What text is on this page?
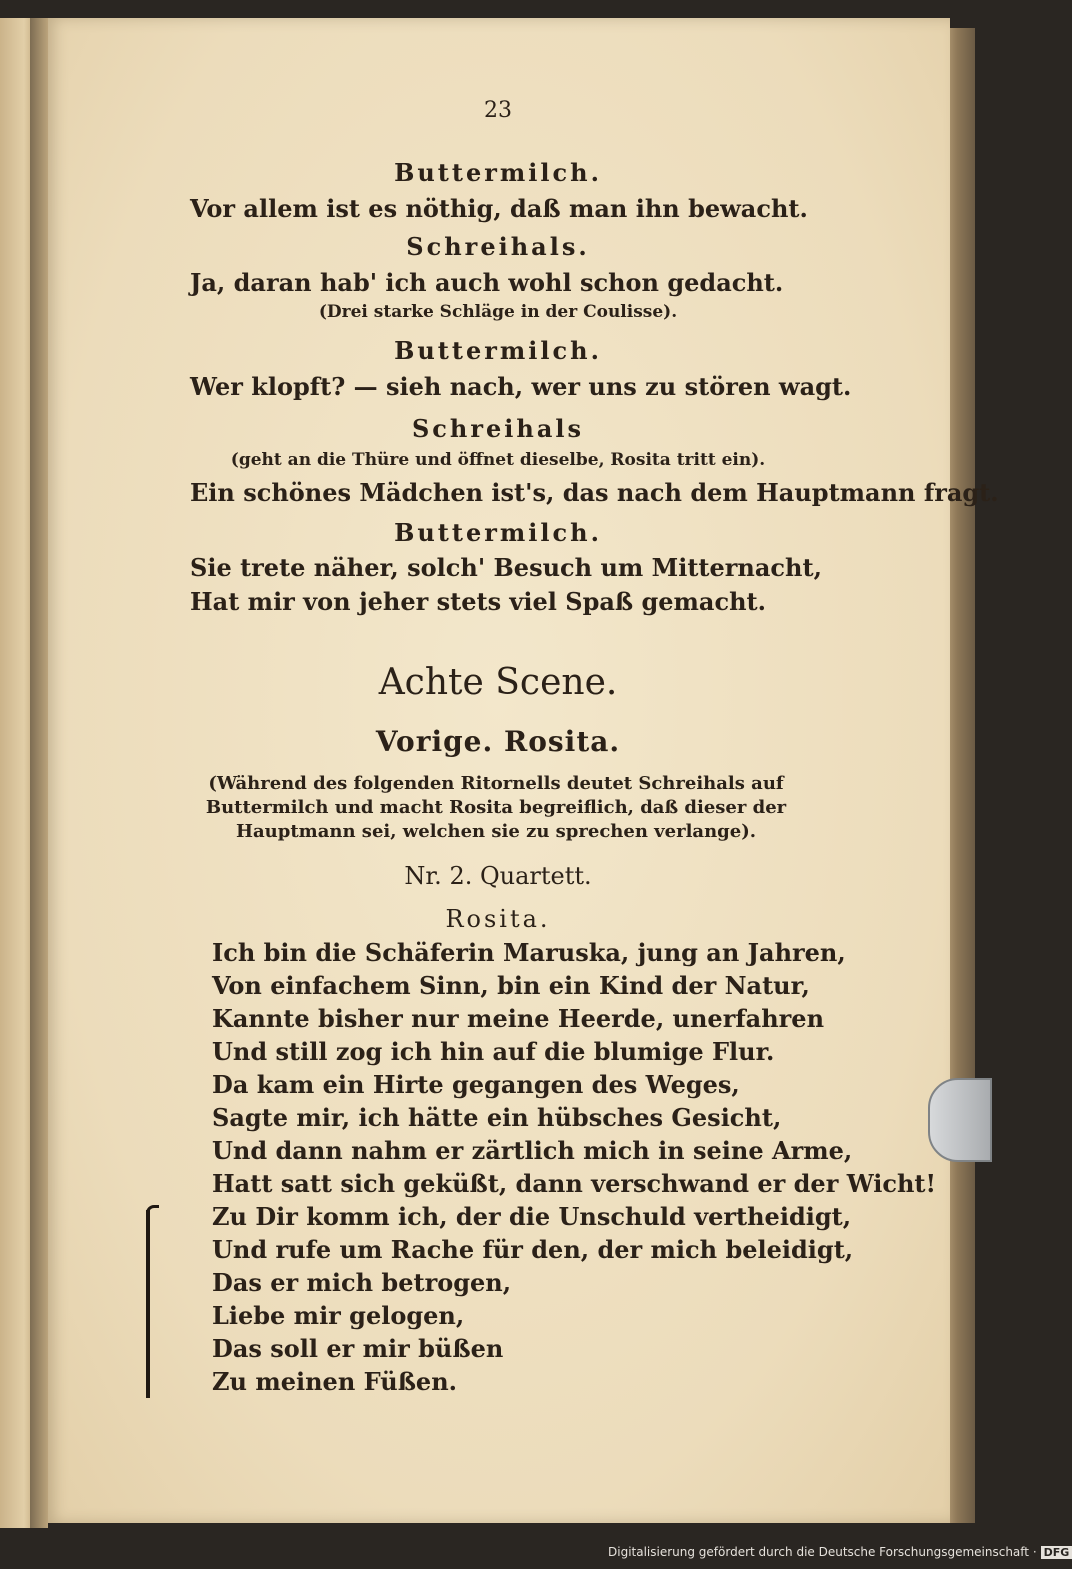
23
Buttermilch.
Vor allem ist es nöthig, daß man ihn bewacht.
Schreihals.
Ja, daran hab' ich auch wohl schon gedacht.
(Drei starke Schläge in der Coulisse).
Buttermilch.
Wer klopft? — sieh nach, wer uns zu stören wagt.
Schreihals
(geht an die Thüre und öffnet dieselbe, Rosita tritt ein).
Ein schönes Mädchen ist's, das nach dem Hauptmann fragt.
Buttermilch.
Sie trete näher, solch' Besuch um Mitternacht,
Hat mir von jeher stets viel Spaß gemacht.
Achte Scene.
Vorige. Rosita.
(Während des folgenden Ritornells deutet Schreihals auf Buttermilch und macht Rosita begreiflich, daß dieser der Hauptmann sei, welchen sie zu sprechen verlange).
Nr. 2. Quartett.
Rosita.
Ich bin die Schäferin Maruska, jung an Jahren,
Von einfachem Sinn, bin ein Kind der Natur,
Kannte bisher nur meine Heerde, unerfahren
Und still zog ich hin auf die blumige Flur.
Da kam ein Hirte gegangen des Weges,
Sagte mir, ich hätte ein hübsches Gesicht,
Und dann nahm er zärtlich mich in seine Arme,
Hatt satt sich geküßt, dann verschwand er der Wicht!
Zu Dir komm ich, der die Unschuld vertheidigt,
Und rufe um Rache für den, der mich beleidigt,
Das er mich betrogen,
Liebe mir gelogen,
Das soll er mir büßen
Zu meinen Füßen.
Digitalisierung gefördert durch die Deutsche Forschungsgemeinschaft · DFG
